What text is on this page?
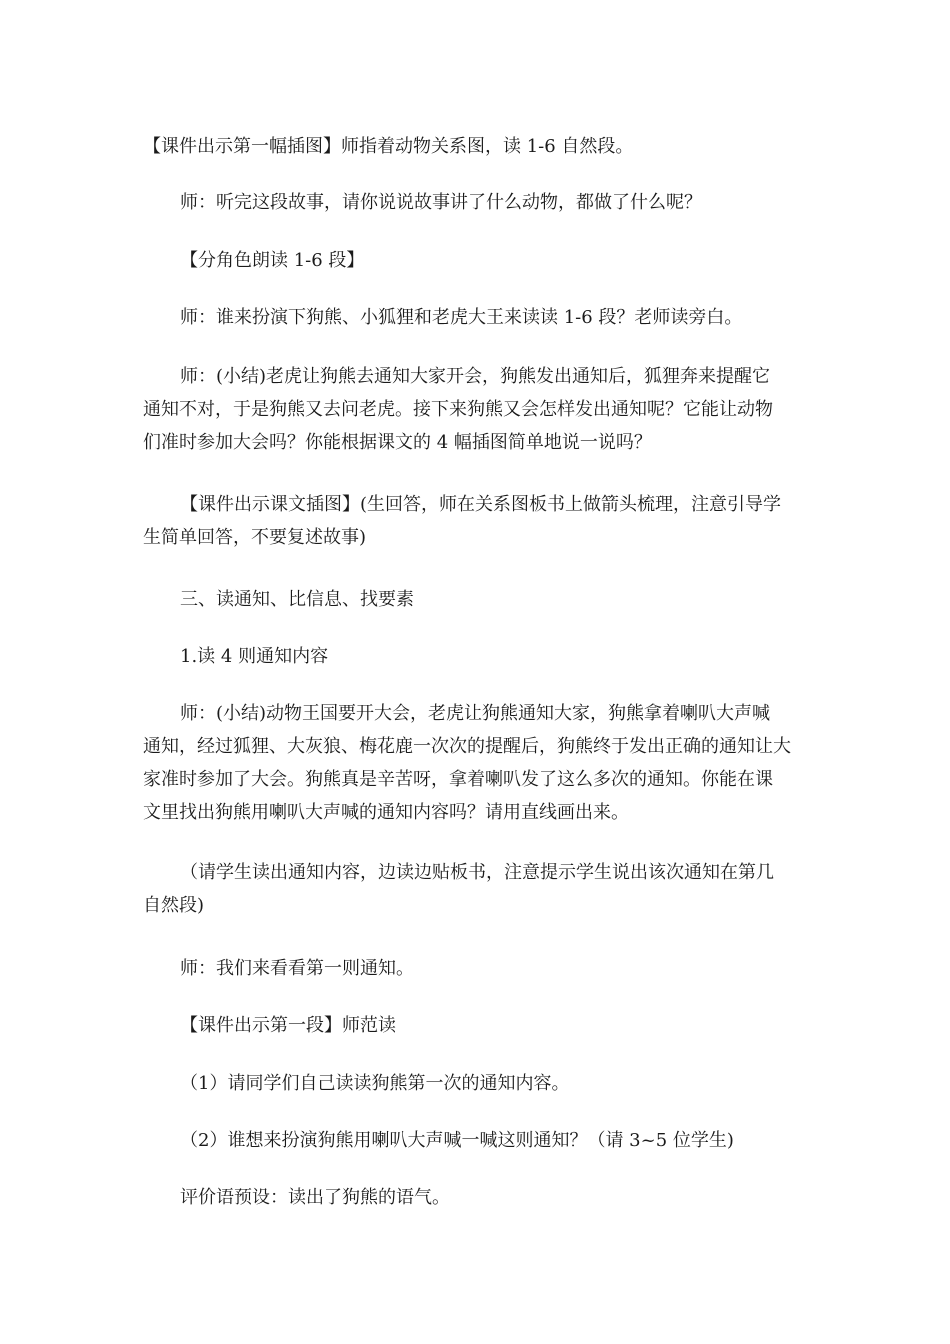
【课件出示第一幅插图】师指着动物关系图，读 1-6 自然段。

师：听完这段故事，请你说说故事讲了什么动物，都做了什么呢？

【分角色朗读 1-6 段】

师：谁来扮演下狗熊、小狐狸和老虎大王来读读 1-6 段？老师读旁白。

师：(小结)老虎让狗熊去通知大家开会，狗熊发出通知后，狐狸奔来提醒它
通知不对，于是狗熊又去问老虎。接下来狗熊又会怎样发出通知呢？它能让动物
们准时参加大会吗？你能根据课文的 4 幅插图简单地说一说吗？

【课件出示课文插图】(生回答，师在关系图板书上做箭头梳理，注意引导学
生简单回答，不要复述故事)

三、读通知、比信息、找要素

1.读 4 则通知内容

师：(小结)动物王国要开大会，老虎让狗熊通知大家，狗熊拿着喇叭大声喊
通知，经过狐狸、大灰狼、梅花鹿一次次的提醒后，狗熊终于发出正确的通知让大
家准时参加了大会。狗熊真是辛苦呀，拿着喇叭发了这么多次的通知。你能在课
文里找出狗熊用喇叭大声喊的通知内容吗？请用直线画出来。

（请学生读出通知内容，边读边贴板书，注意提示学生说出该次通知在第几
自然段)

师：我们来看看第一则通知。

【课件出示第一段】师范读

（1）请同学们自己读读狗熊第一次的通知内容。

（2）谁想来扮演狗熊用喇叭大声喊一喊这则通知？（请 3~5 位学生)

评价语预设：读出了狗熊的语气。
